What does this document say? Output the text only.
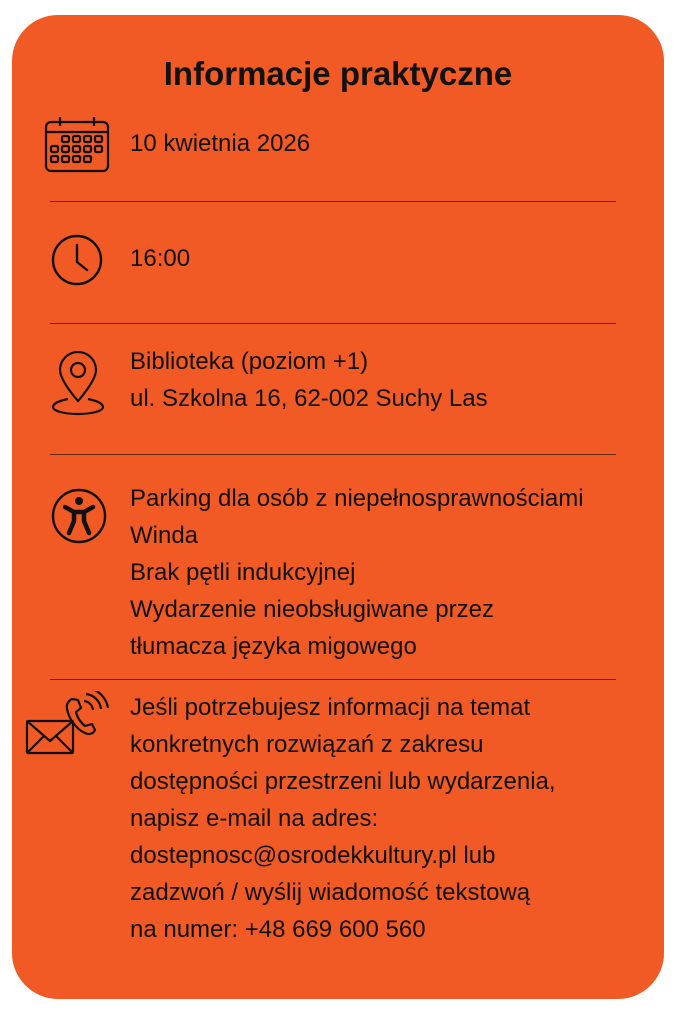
Informacje praktyczne
10 kwietnia 2026
16:00
Biblioteka (poziom +1)
ul. Szkolna 16, 62-002 Suchy Las
Parking dla osób z niepełnosprawnościami
Winda
Brak pętli indukcyjnej
Wydarzenie nieobsługiwane przez
tłumacza języka migowego
Jeśli potrzebujesz informacji na temat
konkretnych rozwiązań z zakresu
dostępności przestrzeni lub wydarzenia,
napisz e-mail na adres:
dostepnosc@osrodekkultury.pl lub
zadzwoń / wyślij wiadomość tekstową
na numer: +48 669 600 560
